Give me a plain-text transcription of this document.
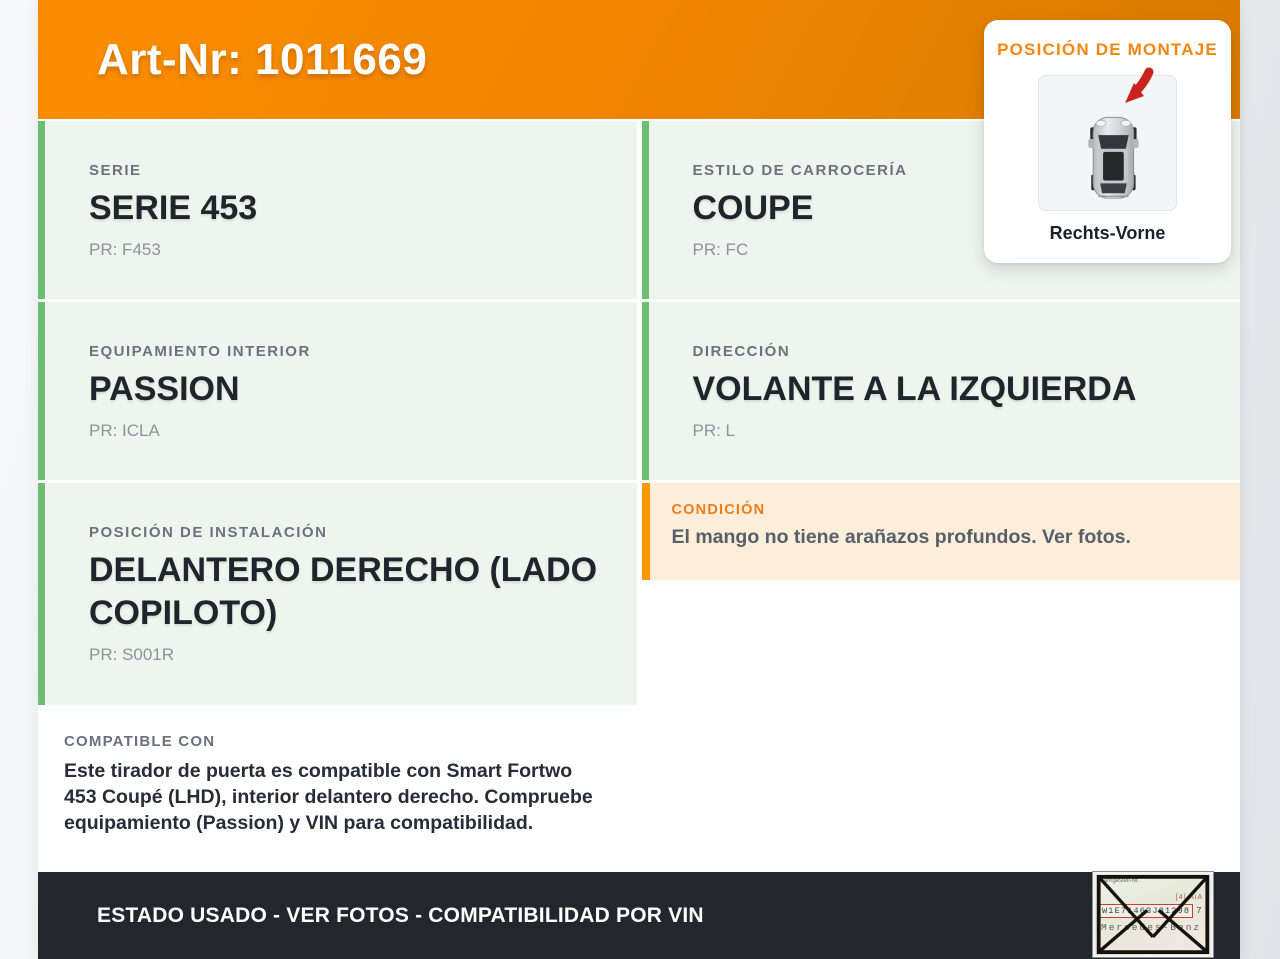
Art-Nr: 1011669
SERIE
SERIE 453
PR: F453
EQUIPAMIENTO INTERIOR
PASSION
PR: ICLA
POSICIÓN DE INSTALACIÓN
DELANTERO DERECHO (LADO COPILOTO)
PR: S001R
COMPATIBLE CON
Este tirador de puerta es compatible con Smart Fortwo 453 Coupé (LHD), interior delantero derecho. Compruebe equipamiento (Passion) y VIN para compatibilidad.
ESTILO DE CARROCERÍA
COUPE
PR: FC
DIRECCIÓN
VOLANTE A LA IZQUIERDA
PR: L
CONDICIÓN
El mango no tiene arañazos profundos. Ver fotos.
ESTADO USADO - VER FOTOS - COMPATIBILIDAD POR VIN
Fahrgestell-Nr.
[4] AiA
W1E71463J31298 7
Mercedes-Benz
POSICIÓN DE MONTAJE
Rechts-Vorne
